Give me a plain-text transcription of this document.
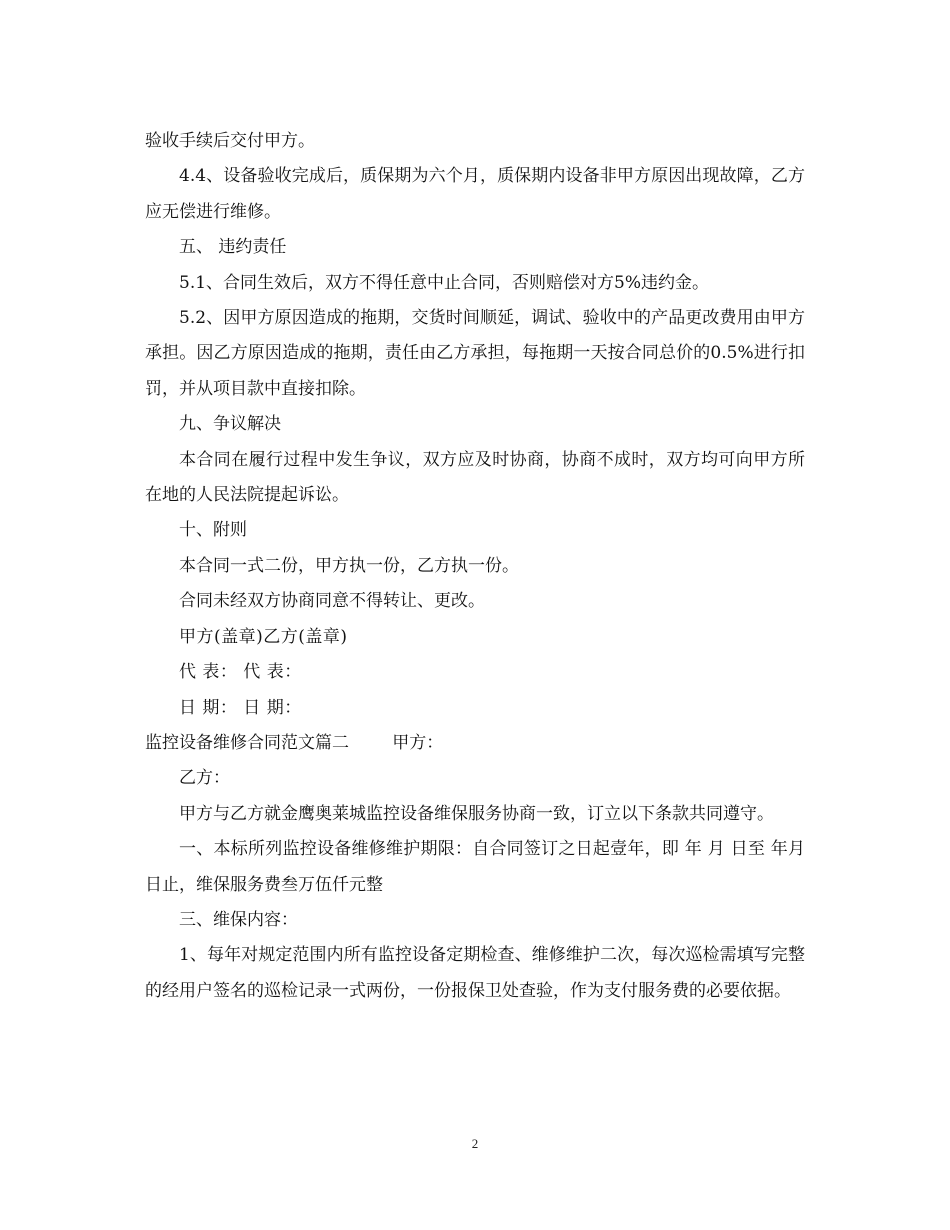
验收手续后交付甲方。

4.4、设备验收完成后，质保期为六个月，质保期内设备非甲方原因出现故障，乙方应无偿进行维修。

五、 违约责任

5.1、合同生效后，双方不得任意中止合同，否则赔偿对方5%违约金。

5.2、因甲方原因造成的拖期，交货时间顺延，调试、验收中的产品更改费用由甲方承担。因乙方原因造成的拖期，责任由乙方承担，每拖期一天按合同总价的0.5%进行扣罚，并从项目款中直接扣除。

九、争议解决

本合同在履行过程中发生争议，双方应及时协商，协商不成时，双方均可向甲方所在地的人民法院提起诉讼。

十、附则

本合同一式二份，甲方执一份，乙方执一份。

合同未经双方协商同意不得转让、更改。

甲方(盖章)乙方(盖章)

代 表： 代 表：

日 期： 日 期：

监控设备维修合同范文篇二        甲方：

乙方：

甲方与乙方就金鹰奥莱城监控设备维保服务协商一致，订立以下条款共同遵守。

一、本标所列监控设备维修维护期限：自合同签订之日起壹年，即 年 月 日至 年月 日止，维保服务费叁万伍仟元整

三、维保内容：

1、每年对规定范围内所有监控设备定期检查、维修维护二次，每次巡检需填写完整的经用户签名的巡检记录一式两份，一份报保卫处查验，作为支付服务费的必要依据。

2
